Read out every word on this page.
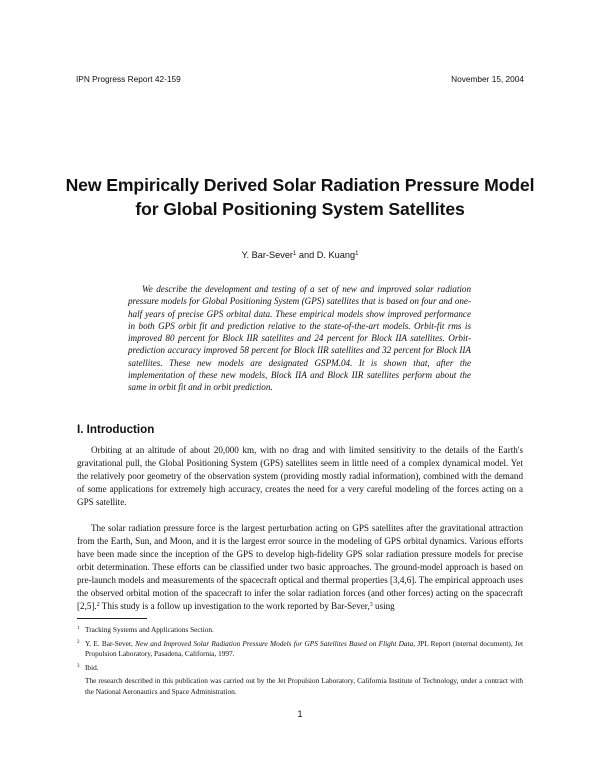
IPN Progress Report 42-159	November 15, 2004
New Empirically Derived Solar Radiation Pressure Model for Global Positioning System Satellites
Y. Bar-Sever$^1$ and D. Kuang$^1$
We describe the development and testing of a set of new and improved solar radiation pressure models for Global Positioning System (GPS) satellites that is based on four and one-half years of precise GPS orbital data. These empirical models show improved performance in both GPS orbit fit and prediction relative to the state-of-the-art models. Orbit-fit rms is improved 80 percent for Block IIR satellites and 24 percent for Block IIA satellites. Orbit-prediction accuracy improved 58 percent for Block IIR satellites and 32 percent for Block IIA satellites. These new models are designated GSPM.04. It is shown that, after the implementation of these new models, Block IIA and Block IIR satellites perform about the same in orbit fit and in orbit prediction.
I. Introduction
Orbiting at an altitude of about 20,000 km, with no drag and with limited sensitivity to the details of the Earth's gravitational pull, the Global Positioning System (GPS) satellites seem in little need of a complex dynamical model. Yet the relatively poor geometry of the observation system (providing mostly radial information), combined with the demand of some applications for extremely high accuracy, creates the need for a very careful modeling of the forces acting on a GPS satellite.
The solar radiation pressure force is the largest perturbation acting on GPS satellites after the gravitational attraction from the Earth, Sun, and Moon, and it is the largest error source in the modeling of GPS orbital dynamics. Various efforts have been made since the inception of the GPS to develop high-fidelity GPS solar radiation pressure models for precise orbit determination. These efforts can be classified under two basic approaches. The ground-model approach is based on pre-launch models and measurements of the spacecraft optical and thermal properties [3,4,6]. The empirical approach uses the observed orbital motion of the spacecraft to infer the solar radiation forces (and other forces) acting on the spacecraft [2,5].$^2$ This study is a follow up investigation to the work reported by Bar-Sever,$^3$ using
$^1$ Tracking Systems and Applications Section.
$^2$ Y. E. Bar-Sever, New and Improved Solar Radiation Pressure Models for GPS Satellites Based on Flight Data, JPL Report (internal document), Jet Propulsion Laboratory, Pasadena, California, 1997.
$^3$ Ibid.
The research described in this publication was carried out by the Jet Propulsion Laboratory, California Institute of Technology, under a contract with the National Aeronautics and Space Administration.
1
